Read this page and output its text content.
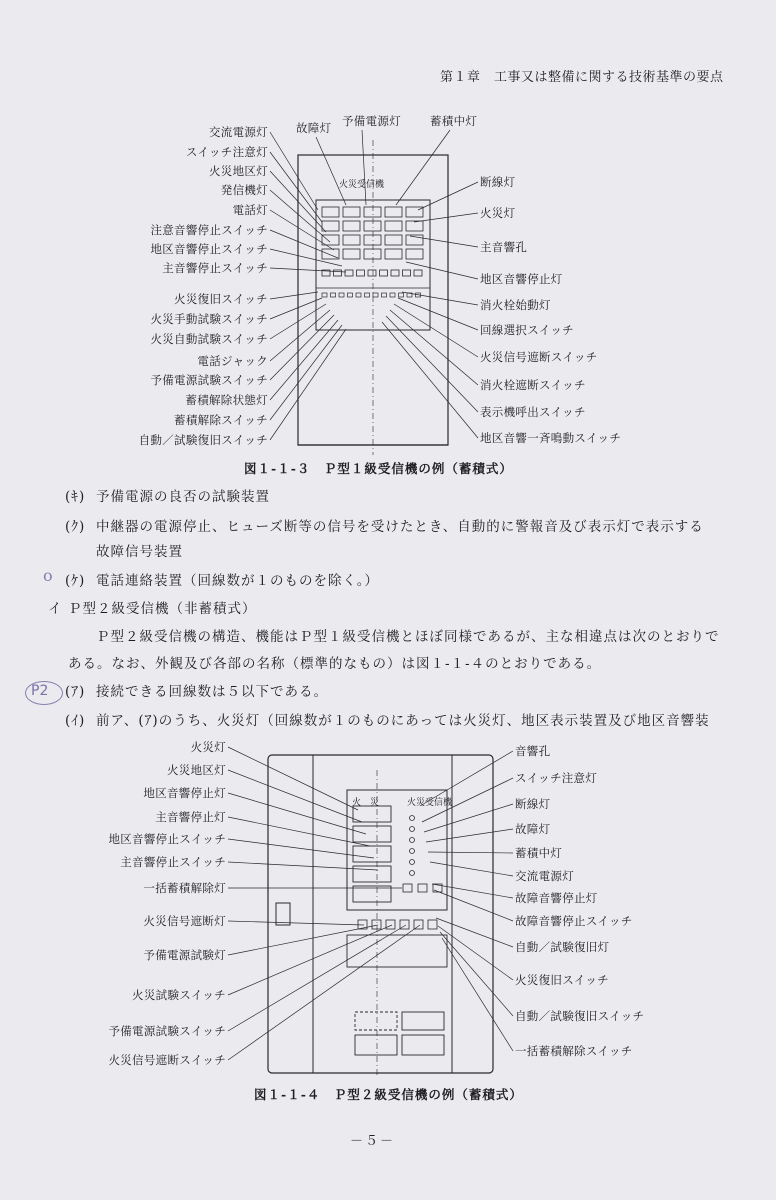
第１章　工事又は整備に関する技術基準の要点
火災受信機
交流電源灯
スイッチ注意灯
火災地区灯
発信機灯
電話灯
注意音響停止スイッチ
地区音響停止スイッチ
主音響停止スイッチ
火災復旧スイッチ
火災手動試験スイッチ
火災自動試験スイッチ
電話ジャック
予備電源試験スイッチ
蓄積解除状態灯
蓄積解除スイッチ
自動／試験復旧スイッチ
故障灯 予備電源灯	蓄積中灯
断線灯
火災灯
主音響孔
地区音響停止灯
消火栓始動灯
回線選択スイッチ
火災信号遮断スイッチ
消火栓遮断スイッチ
表示機呼出スイッチ
地区音響一斉鳴動スイッチ
図１-１-３　Ｐ型１級受信機の例（蓄積式）
(ｷ) 予備電源の良否の試験装置
(ｸ) 中継器の電源停止、ヒューズ断等の信号を受けたとき、自動的に警報音及び表示灯で表示する
故障信号装置
(ｹ) 電話連絡装置（回線数が１のものを除く。）
イ Ｐ型２級受信機（非蓄積式）
Ｐ型２級受信機の構造、機能はＰ型１級受信機とほぼ同様であるが、主な相違点は次のとおりで
ある。なお、外観及び各部の名称（標準的なもの）は図１-１-４のとおりである。
(ｱ) 接続できる回線数は５以下である。
(ｲ) 前ア、(ｱ)のうち、火災灯（回線数が１のものにあっては火災灯、地区表示装置及び地区音響装
P2
o
火　災	火災受信機
火災灯
火災地区灯
地区音響停止灯
主音響停止灯
地区音響停止スイッチ
主音響停止スイッチ
一括蓄積解除灯
火災信号遮断灯
予備電源試験灯
火災試験スイッチ
予備電源試験スイッチ
火災信号遮断スイッチ
音響孔
スイッチ注意灯
断線灯
故障灯
蓄積中灯
交流電源灯
故障音響停止灯
故障音響停止スイッチ
自動／試験復旧灯
火災復旧スイッチ
自動／試験復旧スイッチ
一括蓄積解除スイッチ
図１-１-４　Ｐ型２級受信機の例（蓄積式）
－５－
